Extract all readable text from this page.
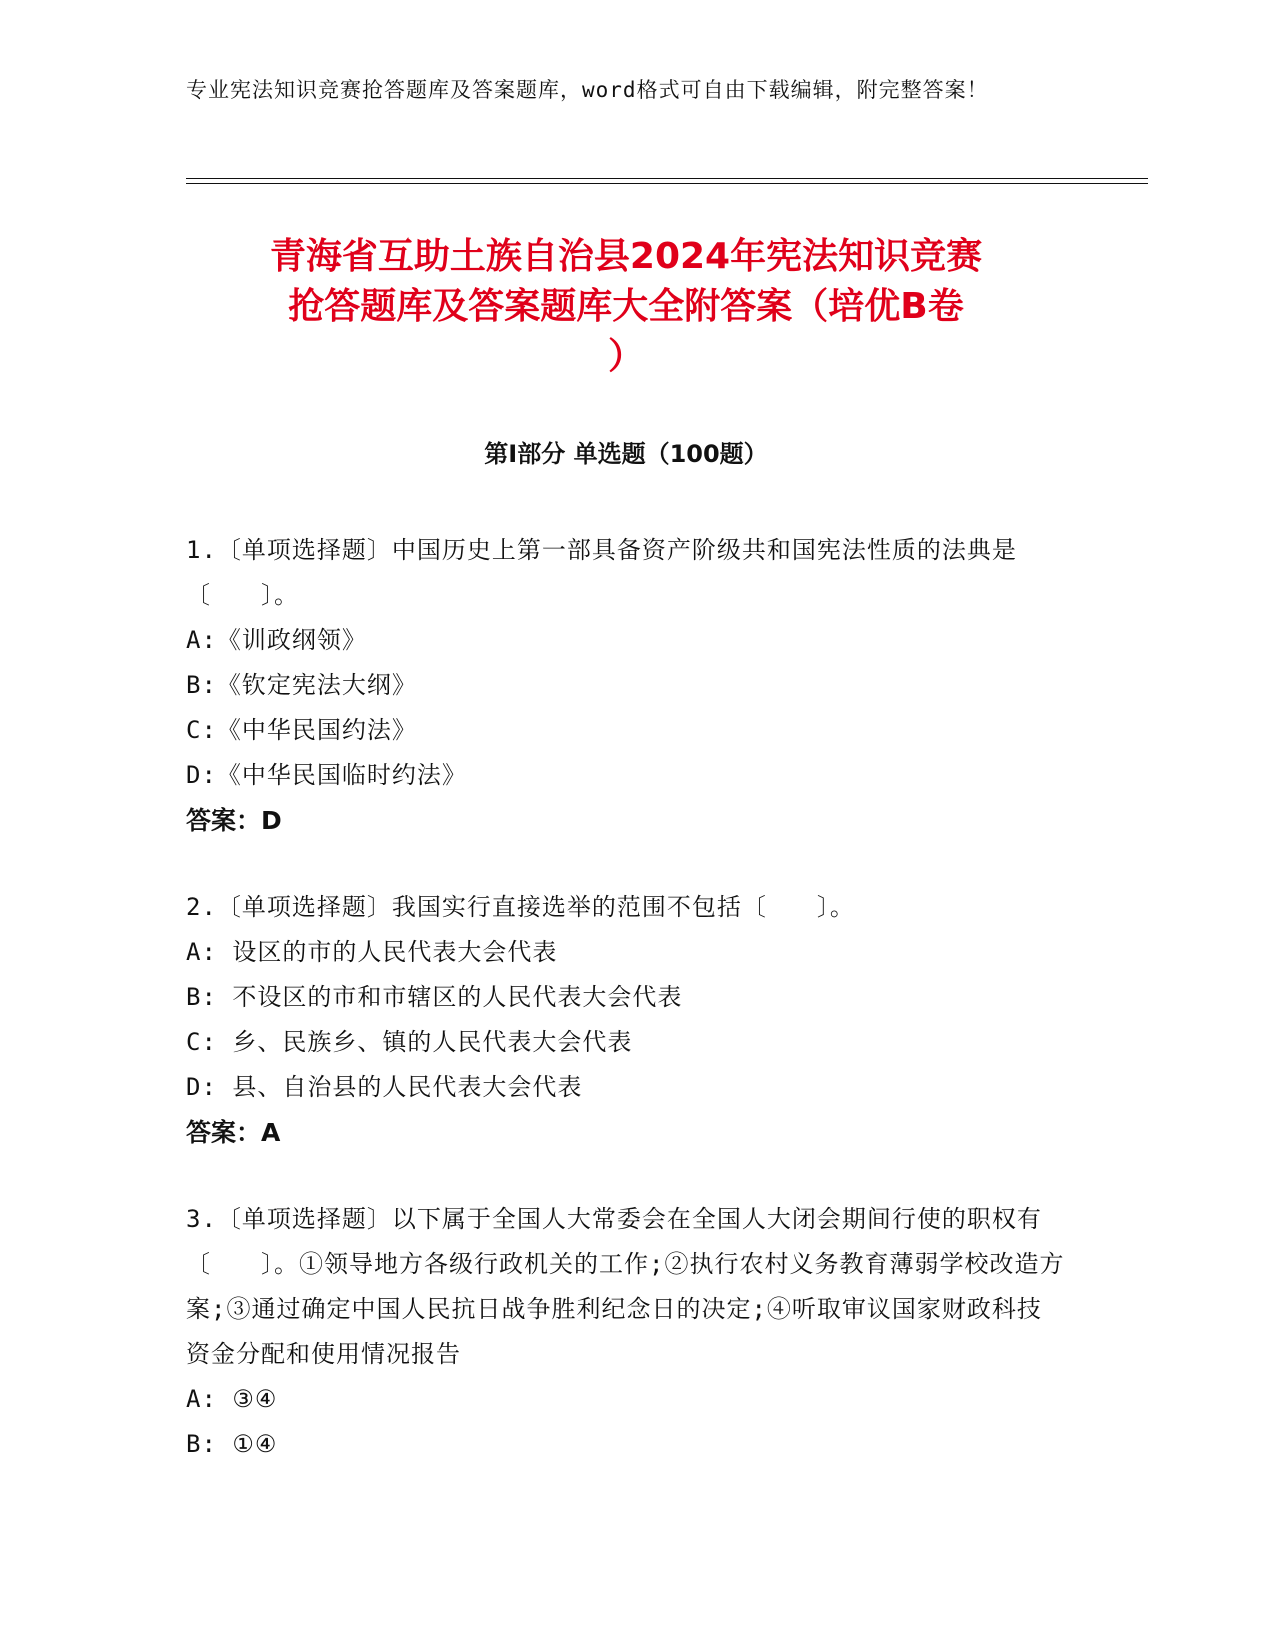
专业宪法知识竞赛抢答题库及答案题库，word格式可自由下载编辑，附完整答案！
青海省互助土族自治县2024年宪法知识竞赛
抢答题库及答案题库大全附答案（培优B卷
）
第Ⅰ部分 单选题（100题）
1.〔单项选择题〕中国历史上第一部具备资产阶级共和国宪法性质的法典是〔　　〕。
A:《训政纲领》
B:《钦定宪法大纲》
C:《中华民国约法》
D:《中华民国临时约法》
答案：D
2.〔单项选择题〕我国实行直接选举的范围不包括〔　　〕。
A: 设区的市的人民代表大会代表
B: 不设区的市和市辖区的人民代表大会代表
C: 乡、民族乡、镇的人民代表大会代表
D: 县、自治县的人民代表大会代表
答案：A
3.〔单项选择题〕以下属于全国人大常委会在全国人大闭会期间行使的职权有〔　　〕。①领导地方各级行政机关的工作;②执行农村义务教育薄弱学校改造方案;③通过确定中国人民抗日战争胜利纪念日的决定;④听取审议国家财政科技资金分配和使用情况报告
A: ③④
B: ①④
